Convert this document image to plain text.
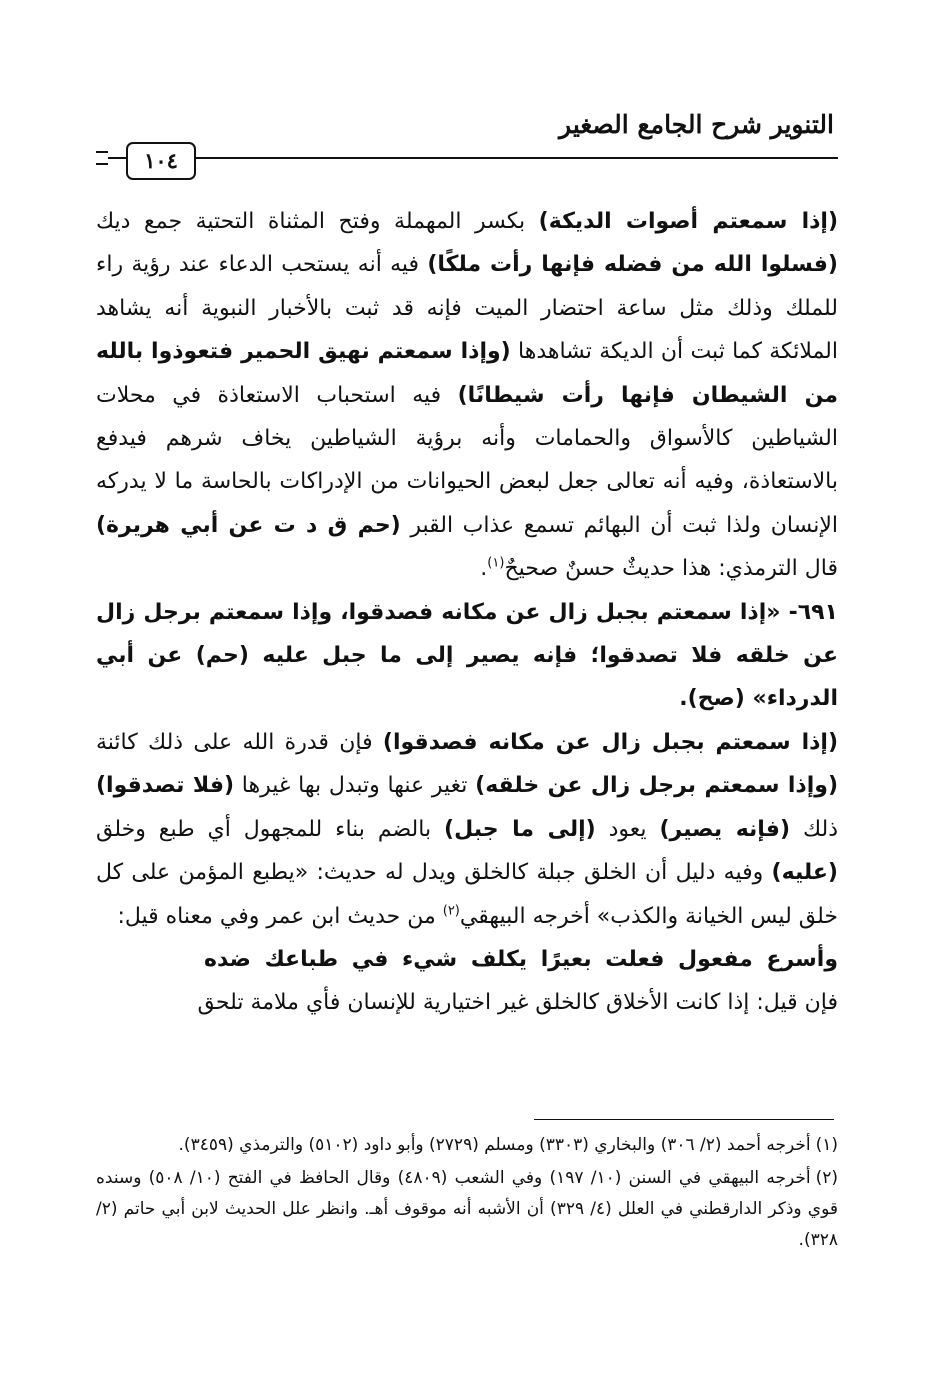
التنوير شرح الجامع الصغير
١٠٤

(إذا سمعتم أصوات الديكة) بكسر المهملة وفتح المثناة التحتية جمع ديك (فسلوا الله من فضله فإنها رأت ملكًا) فيه أنه يستحب الدعاء عند رؤية راء للملك وذلك مثل ساعة احتضار الميت فإنه قد ثبت بالأخبار النبوية أنه يشاهد الملائكة كما ثبت أن الديكة تشاهدها (وإذا سمعتم نهيق الحمير فتعوذوا بالله من الشيطان فإنها رأت شيطانًا) فيه استحباب الاستعاذة في محلات الشياطين كالأسواق والحمامات وأنه برؤية الشياطين يخاف شرهم فيدفع بالاستعاذة، وفيه أنه تعالى جعل لبعض الحيوانات من الإدراكات بالحاسة ما لا يدركه الإنسان ولذا ثبت أن البهائم تسمع عذاب القبر (حم ق د ت عن أبي هريرة) قال الترمذي: هذا حديثٌ حسنٌ صحيحٌ$^{(١)}$.

٦٩١- «إذا سمعتم بجبل زال عن مكانه فصدقوا، وإذا سمعتم برجل زال عن خلقه فلا تصدقوا؛ فإنه يصير إلى ما جبل عليه (حم) عن أبي الدرداء» (صح).

(إذا سمعتم بجبل زال عن مكانه فصدقوا) فإن قدرة الله على ذلك كائنة (وإذا سمعتم برجل زال عن خلقه) تغير عنها وتبدل بها غيرها (فلا تصدقوا) ذلك (فإنه يصير) يعود (إلى ما جبل) بالضم بناء للمجهول أي طبع وخلق (عليه) وفيه دليل أن الخلق جبلة كالخلق ويدل له حديث: «يطبع المؤمن على كل خلق ليس الخيانة والكذب» أخرجه البيهقي$^{(٢)}$ من حديث ابن عمر وفي معناه قيل:

وأسرع مفعول فعلت بعيرًا يكلف شيء في طباعك ضده

فإن قيل: إذا كانت الأخلاق كالخلق غير اختيارية للإنسان فأي ملامة تلحق

(١)أخرجه أحمد (٢/ ٣٠٦) والبخاري (٣٣٠٣) ومسلم (٢٧٢٩) وأبو داود (٥١٠٢) والترمذي (٣٤٥٩).

(٢)أخرجه البيهقي في السنن (١٠/ ١٩٧) وفي الشعب (٤٨٠٩) وقال الحافظ في الفتح (١٠/ ٥٠٨) وسنده قوي وذكر الدارقطني في العلل (٤/ ٣٢٩) أن الأشبه أنه موقوف أهـ. وانظر علل الحديث لابن أبي حاتم (٢/ ٣٢٨).
